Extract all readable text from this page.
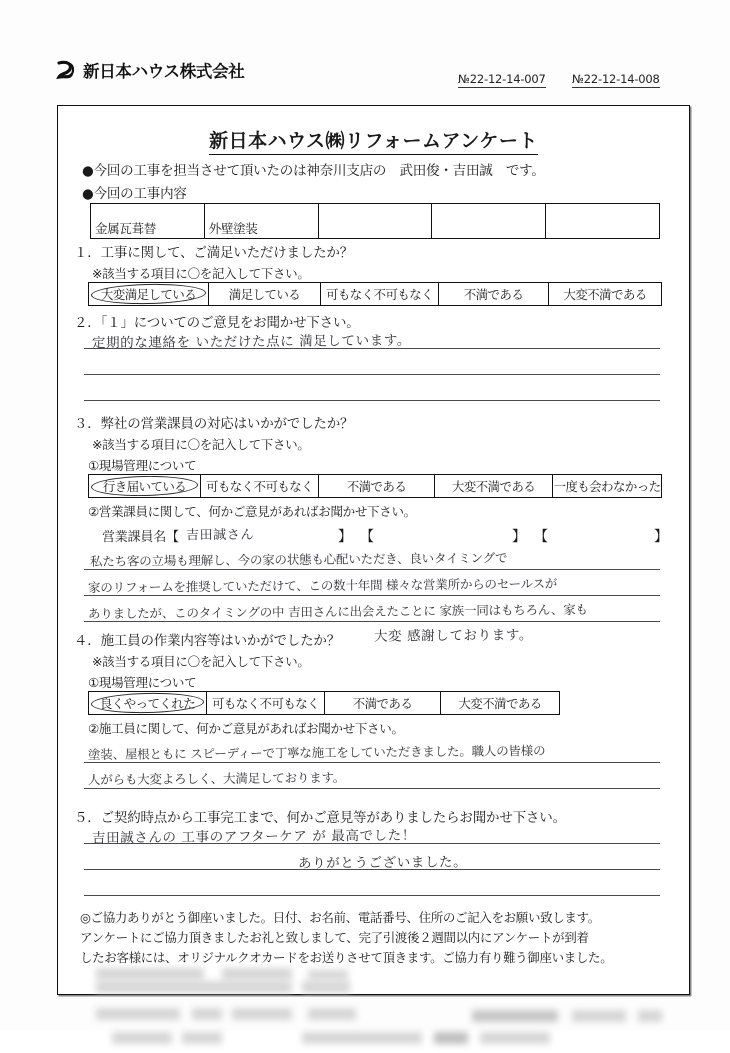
新日本ハウス株式会社	№22-12-14-007 №22-12-14-008
新日本ハウス㈱リフォームアンケート
●今回の工事を担当させて頂いたのは神奈川支店の　武田俊・吉田誠　です。
●今回の工事内容
金属瓦葺替	外壁塗装
１．工事に関して、ご満足いただけましたか？
※該当する項目に〇を記入して下さい。
大変満足している	満足している	可もなく不可もなく	不満である	大変不満である
２．「１」についてのご意見をお聞かせ下さい。
定期的な連絡を いただけた点に 満足しています。
３．弊社の営業課員の対応はいかがでしたか？
※該当する項目に〇を記入して下さい。
①現場管理について
行き届いている	可もなく不可もなく	不満である	大変不満である	一度も会わなかった
②営業課員に関して、何かご意見があればお聞かせ下さい。
営業課員名【 吉田誠さん	】 【	】 【	】
私たち客の立場も理解し、今の家の状態も心配いただき、良いタイミングで
家のリフォームを推奨していただけて、この数十年間 様々な営業所からのセールスが
ありましたが、このタイミングの中 吉田さんに出会えたことに 家族一同はもちろん、家も
４．施工員の作業内容等はいかがでしたか？	大変 感謝しております。
※該当する項目に〇を記入して下さい。
①現場管理について
良くやってくれた	可もなく不可もなく	不満である	大変不満である
②施工員に関して、何かご意見があればお聞かせ下さい。
塗装、屋根ともに スピーディーで丁寧な施工をしていただきました。職人の皆様の
人がらも大変よろしく、大満足しております。
５．ご契約時点から工事完工まで、何かご意見等がありましたらお聞かせ下さい。
吉田誠さんの 工事のアフターケア が 最高でした！
ありがとうございました。
◎ご協力ありがとう御座いました。日付、お名前、電話番号、住所のご記入をお願い致します。
アンケートにご協力頂きましたお礼と致しまして、完了引渡後２週間以内にアンケートが到着
したお客様には、オリジナルクオカードをお送りさせて頂きます。ご協力有り難う御座いました。
